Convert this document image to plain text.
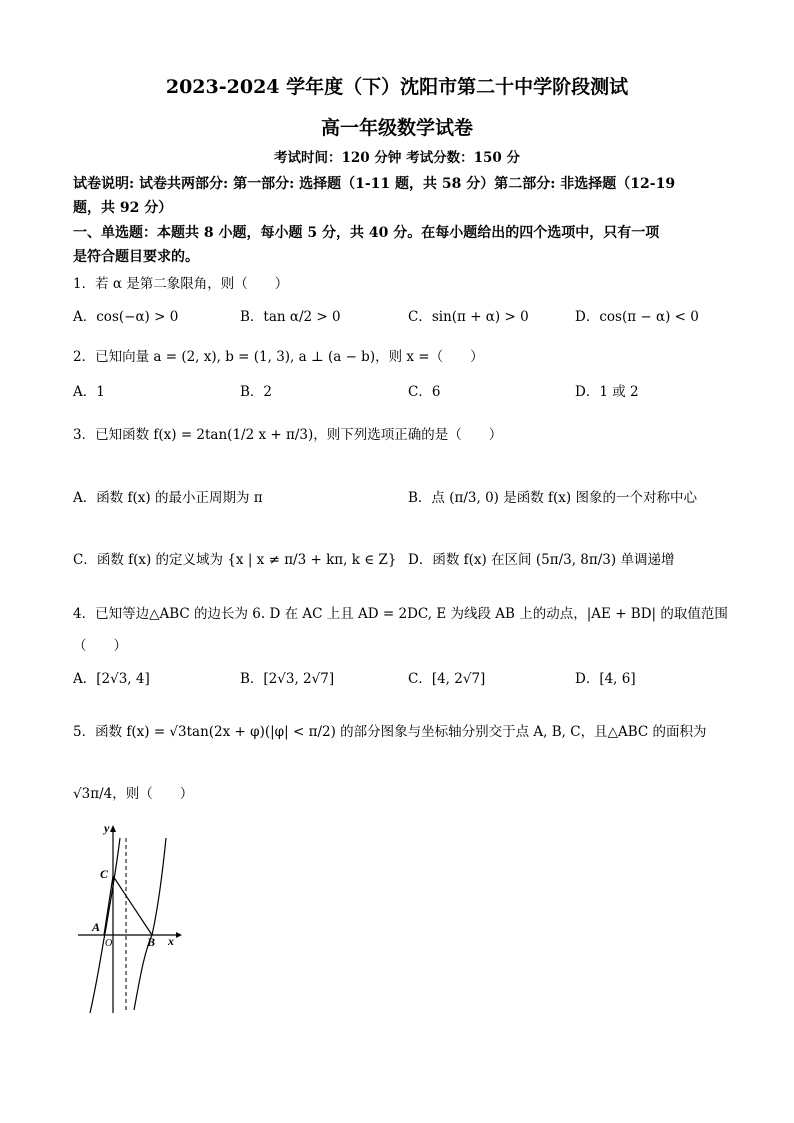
2023-2024 学年度（下）沈阳市第二十中学阶段测试
高一年级数学试卷
考试时间：120 分钟 考试分数：150 分
试卷说明: 试卷共两部分: 第一部分: 选择题（1-11 题，共 58 分）第二部分: 非选择题（12-19
题，共 92 分）
一、单选题：本题共 8 小题，每小题 5 分，共 40 分。在每小题给出的四个选项中，只有一项
是符合题目要求的。
1．若 α 是第二象限角，则（　　）
A．cos(−α) > 0	B．tan α/2 > 0	C．sin(π + α) > 0	D．cos(π − α) < 0
2．已知向量 a = (2, x), b = (1, 3), a ⊥ (a − b)，则 x =（　　）
A．1	B．2	C．6	D．1 或 2
3．已知函数 f(x) = 2tan(1/2 x + π/3)，则下列选项正确的是（　　）
A．函数 f(x) 的最小正周期为 π	B．点 (π/3, 0) 是函数 f(x) 图象的一个对称中心
C．函数 f(x) 的定义域为 {x | x ≠ π/3 + kπ, k ∈ Z} D．函数 f(x) 在区间 (5π/3, 8π/3) 单调递增
4．已知等边△ABC 的边长为 6. D 在 AC 上且 AD = 2DC, E 为线段 AB 上的动点，|AE + BD| 的取值范围
（　　）
A．[2√3, 4]	B．[2√3, 2√7]	C．[4, 2√7]	D．[4, 6]
5．函数 f(x) = √3tan(2x + φ)(|φ| < π/2) 的部分图象与坐标轴分别交于点 A, B, C，且△ABC 的面积为
√3π/4，则（　　）
y
x
C
A
O	B
